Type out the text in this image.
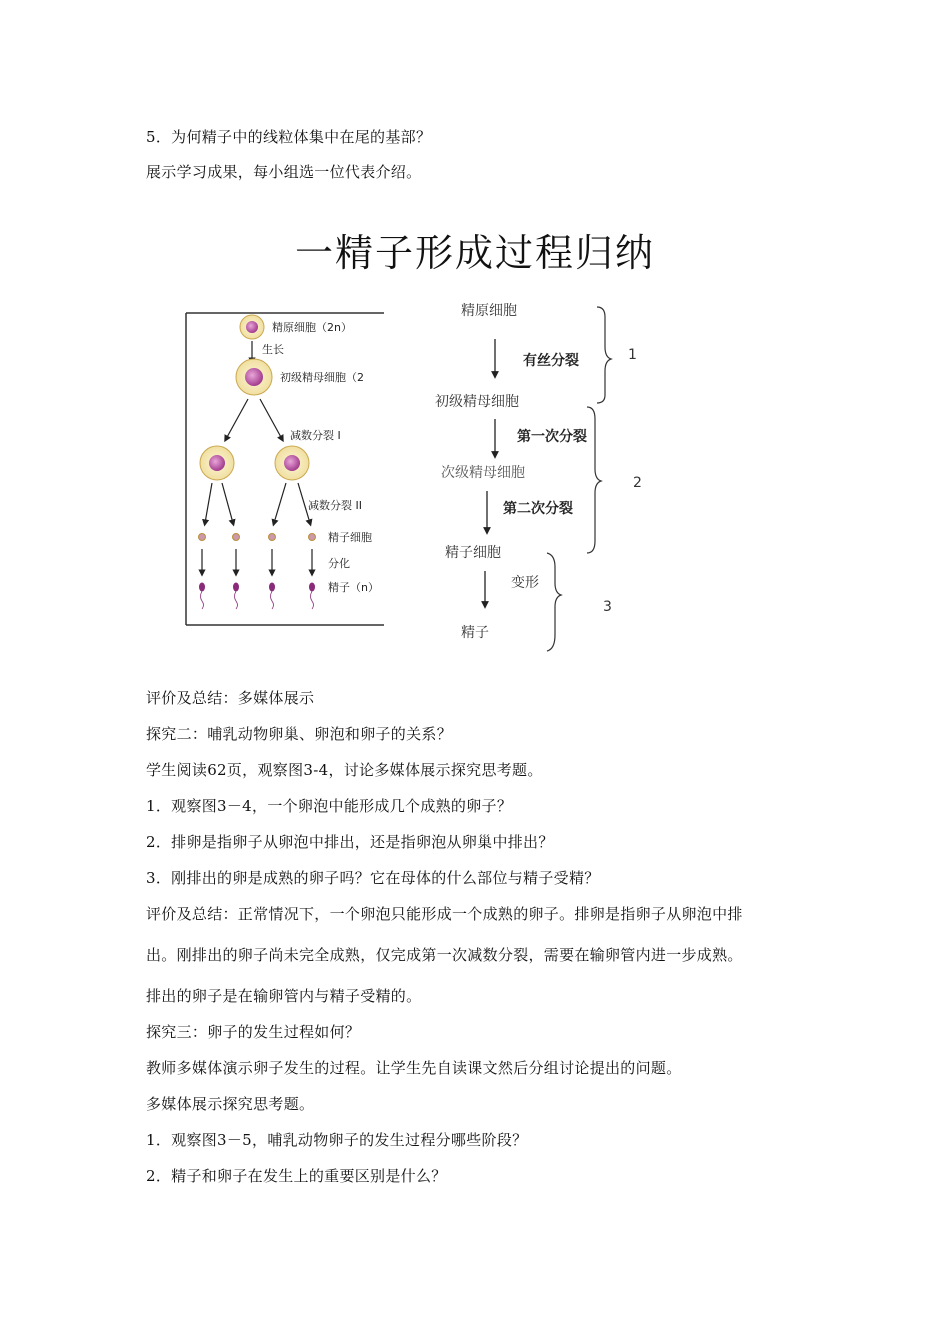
5．为何精子中的线粒体集中在尾的基部？
展示学习成果，每小组选一位代表介绍。
一精子形成过程归纳
精原细胞（2n）
生长
初级精母细胞（2
减数分裂 I
减数分裂 II
精子细胞
分化
精子（n）
精原细胞
有丝分裂	1
初级精母细胞
第一次分裂
次级精母细胞
第二次分裂
2
精子细胞
变形
精子
3
评价及总结：多媒体展示
探究二：哺乳动物卵巢、卵泡和卵子的关系？
学生阅读62页，观察图3-4，讨论多媒体展示探究思考题。
1．观察图3－4，一个卵泡中能形成几个成熟的卵子？
2．排卵是指卵子从卵泡中排出，还是指卵泡从卵巢中排出？
3．刚排出的卵是成熟的卵子吗？它在母体的什么部位与精子受精？
评价及总结：正常情况下，一个卵泡只能形成一个成熟的卵子。排卵是指卵子从卵泡中排
出。刚排出的卵子尚未完全成熟，仅完成第一次减数分裂，需要在输卵管内进一步成熟。
排出的卵子是在输卵管内与精子受精的。
探究三：卵子的发生过程如何？
教师多媒体演示卵子发生的过程。让学生先自读课文然后分组讨论提出的问题。
多媒体展示探究思考题。
1．观察图3－5，哺乳动物卵子的发生过程分哪些阶段？
2．精子和卵子在发生上的重要区别是什么？
